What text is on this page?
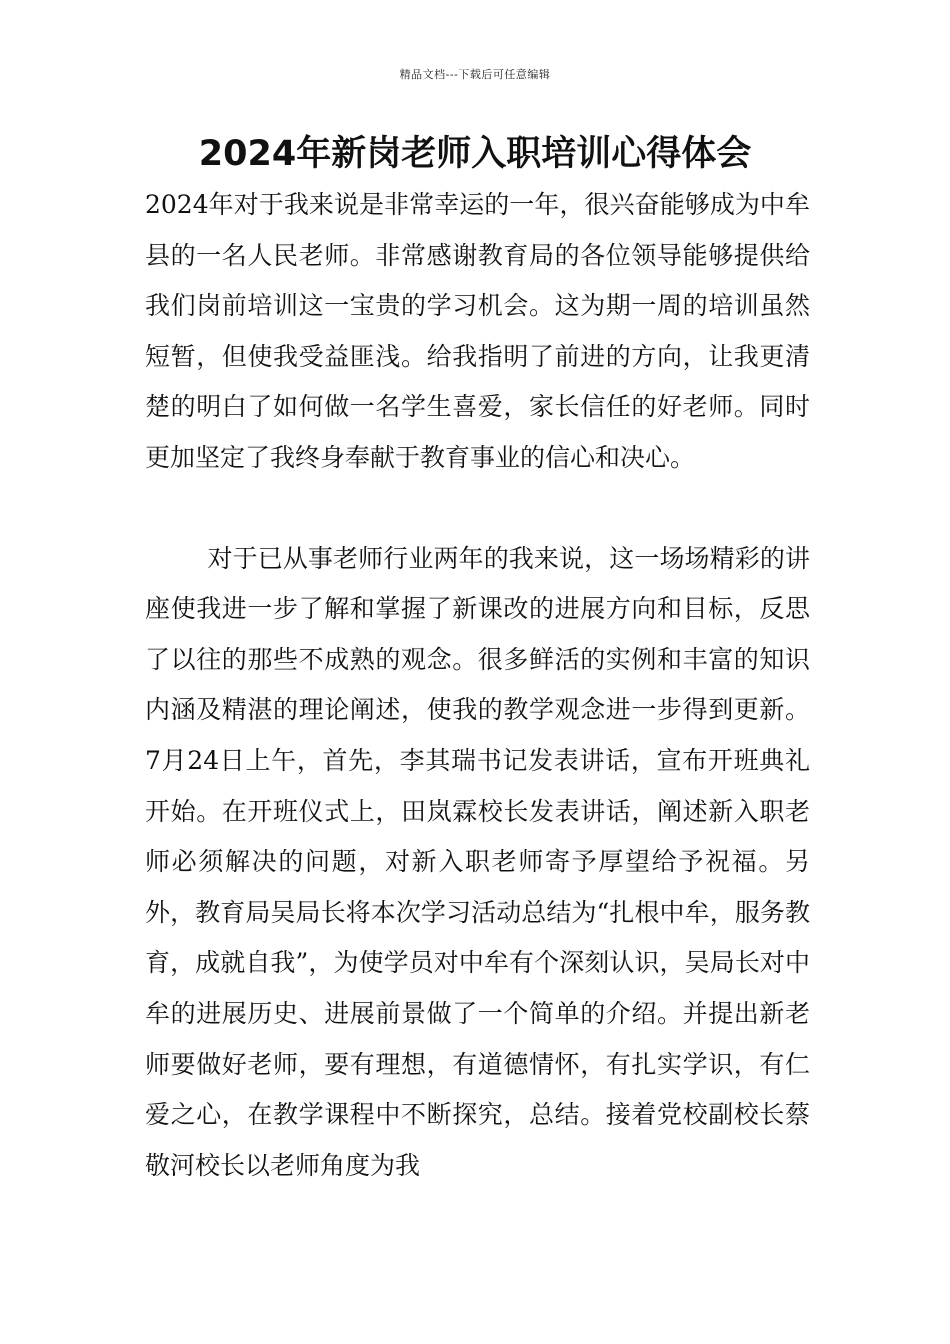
精品文档---下载后可任意编辑
2024年新岗老师入职培训心得体会

2024年对于我来说是非常幸运的一年，很兴奋能够成为中牟县的一名人民老师。非常感谢教育局的各位领导能够提供给我们岗前培训这一宝贵的学习机会。这为期一周的培训虽然短暂，但使我受益匪浅。给我指明了前进的方向，让我更清楚的明白了如何做一名学生喜爱，家长信任的好老师。同时更加坚定了我终身奉献于教育事业的信心和决心。

对于已从事老师行业两年的我来说，这一场场精彩的讲座使我进一步了解和掌握了新课改的进展方向和目标，反思了以往的那些不成熟的观念。很多鲜活的实例和丰富的知识内涵及精湛的理论阐述，使我的教学观念进一步得到更新。7月24日上午，首先，李其瑞书记发表讲话，宣布开班典礼开始。在开班仪式上，田岚霖校长发表讲话，阐述新入职老师必须解决的问题，对新入职老师寄予厚望给予祝福。另外，教育局吴局长将本次学习活动总结为“扎根中牟，服务教育，成就自我”，为使学员对中牟有个深刻认识，吴局长对中牟的进展历史、进展前景做了一个简单的介绍。并提出新老师要做好老师，要有理想，有道德情怀，有扎实学识，有仁爱之心，在教学课程中不断探究，总结。接着党校副校长蔡敬河校长以老师角度为我
